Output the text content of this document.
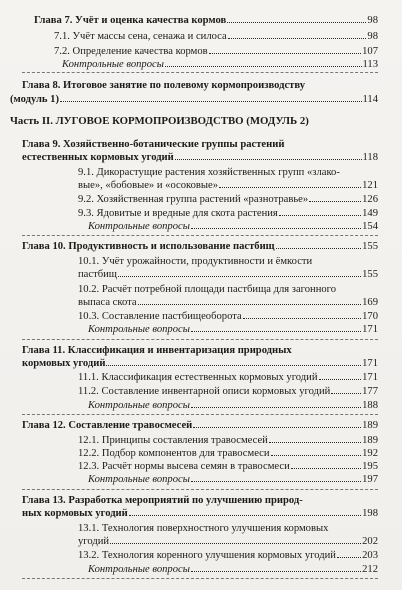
Глава 7. Учёт и оценка качества кормов	98
7.1. Учёт массы сена, сенажа и силоса	98
7.2. Определение качества кормов	107
Контрольные вопросы	113
Глава 8. Итоговое занятие по полевому кормопроизводству
(модуль 1)	114
Часть II. ЛУГОВОЕ КОРМОПРОИЗВОДСТВО (МОДУЛЬ 2)
Глава 9. Хозяйственно-ботанические группы растений
естественных кормовых угодий	118
9.1. Дикорастущие растения хозяйственных групп «злако-
вые», «бобовые» и «осоковые»	121
9.2. Хозяйственная группа растений «разнотравье»	126
9.3. Ядовитые и вредные для скота растения	149
Контрольные вопросы	154
Глава 10. Продуктивность и использование пастбищ	155
10.1. Учёт урожайности, продуктивности и ёмкости
пастбищ	155
10.2. Расчёт потребной площади пастбища для загонного
выпаса скота	169
10.3. Составление пастбищеоборота	170
Контрольные вопросы	171
Глава 11. Классификация и инвентаризация природных
кормовых угодий	171
11.1. Классификация естественных кормовых угодий	171
11.2. Составление инвентарной описи кормовых угодий	177
Контрольные вопросы	188
Глава 12. Составление травосмесей	189
12.1. Принципы составления травосмесей	189
12.2. Подбор компонентов для травосмеси	192
12.3. Расчёт нормы высева семян в травосмеси	195
Контрольные вопросы	197
Глава 13. Разработка мероприятий по улучшению природ-
ных кормовых угодий	198
13.1. Технология поверхностного улучшения кормовых
угодий	202
13.2. Технология коренного улучшения кормовых угодий 203
Контрольные вопросы	212
